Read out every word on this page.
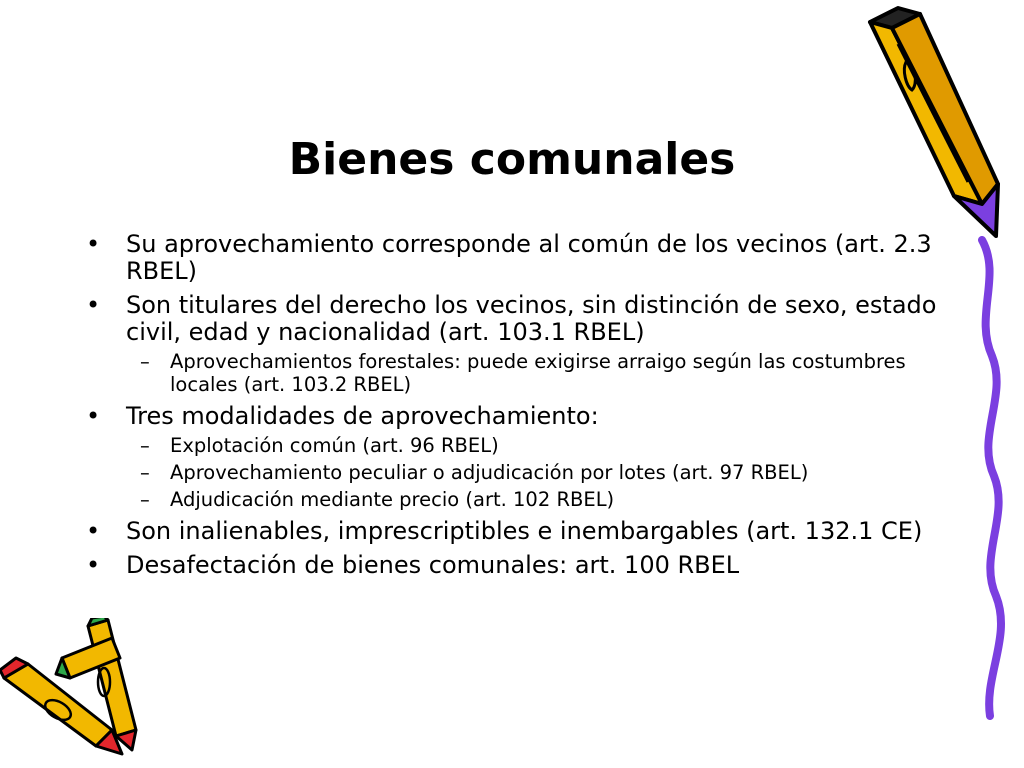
Bienes comunales
• Su aprovechamiento corresponde al común de los vecinos (art. 2.3 RBEL)
• Son titulares del derecho los vecinos, sin distinción de sexo, estado civil, edad y nacionalidad (art. 103.1 RBEL)
– Aprovechamientos forestales: puede exigirse arraigo según las costumbres locales (art. 103.2 RBEL)
• Tres modalidades de aprovechamiento:
– Explotación común (art. 96 RBEL)
– Aprovechamiento peculiar o adjudicación por lotes (art. 97 RBEL)
– Adjudicación mediante precio (art. 102 RBEL)
• Son inalienables, imprescriptibles e inembargables (art. 132.1 CE)
• Desafectación de bienes comunales: art. 100 RBEL
